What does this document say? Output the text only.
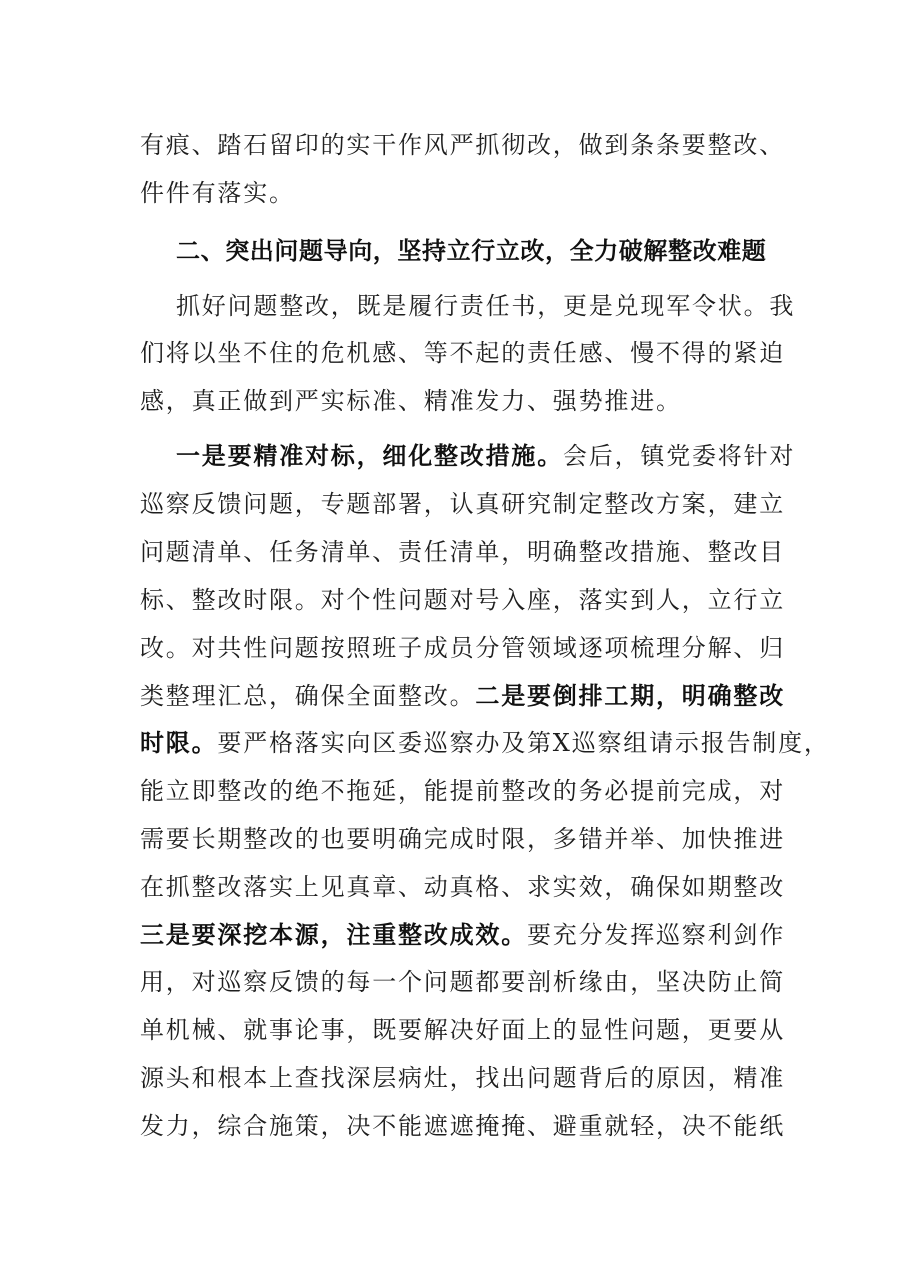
有痕、踏石留印的实干作风严抓彻改，做到条条要整改、
件件有落实。
二、突出问题导向，坚持立行立改，全力破解整改难题
抓好问题整改，既是履行责任书，更是兑现军令状。我
们将以坐不住的危机感、等不起的责任感、慢不得的紧迫
感，真正做到严实标准、精准发力、强势推进。
一是要精准对标，细化整改措施。会后，镇党委将针对
巡察反馈问题，专题部署，认真研究制定整改方案，建立
问题清单、任务清单、责任清单，明确整改措施、整改目
标、整改时限。对个性问题对号入座，落实到人，立行立
改。对共性问题按照班子成员分管领域逐项梳理分解、归
类整理汇总，确保全面整改。二是要倒排工期，明确整改
时限。要严格落实向区委巡察办及第X巡察组请示报告制度，
能立即整改的绝不拖延，能提前整改的务必提前完成，对
需要长期整改的也要明确完成时限，多错并举、加快推进
在抓整改落实上见真章、动真格、求实效，确保如期整改
三是要深挖本源，注重整改成效。要充分发挥巡察利剑作
用，对巡察反馈的每一个问题都要剖析缘由，坚决防止简
单机械、就事论事，既要解决好面上的显性问题，更要从
源头和根本上查找深层病灶，找出问题背后的原因，精准
发力，综合施策，决不能遮遮掩掩、避重就轻，决不能纸
